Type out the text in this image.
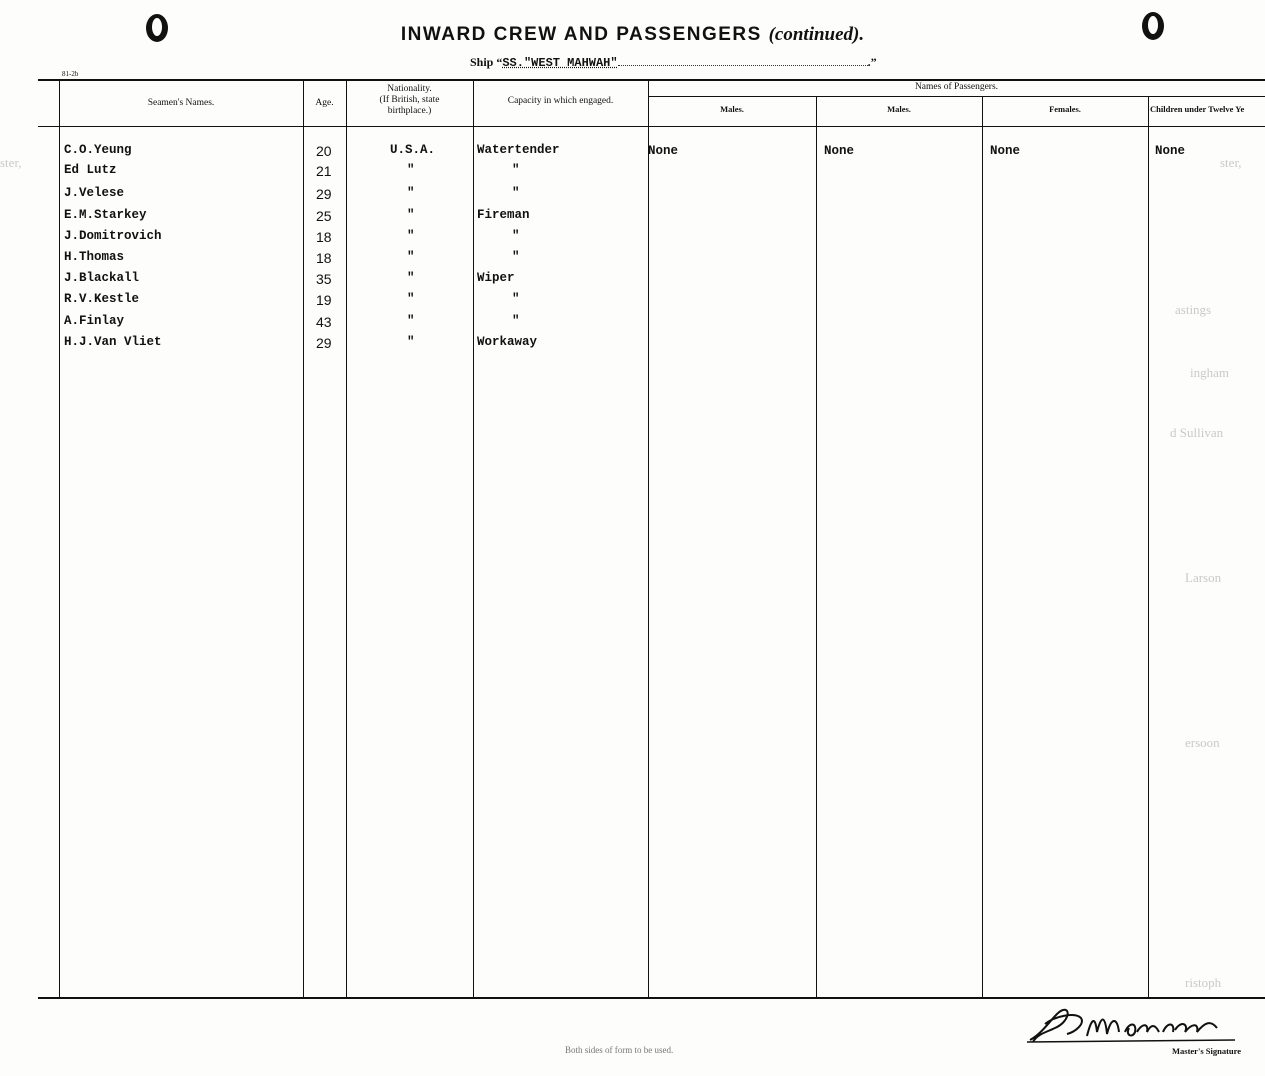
ster,	ster,
astings
ingham
d Sullivan
Larson
ersoon
ristoph
INWARD CREW AND PASSENGERS (continued).
Ship “SS."WEST MAHWAH"	.”
81-2b
Seamen's Names.	Age.
Nationality.
(If British, state
birthplace.)
Capacity in which engaged.
Names of Passengers.
Males.	Males.	Females.	Children under Twelve Ye
None	None	None	None
C.O.Yeung	20	U.S.A.	Watertender
Ed Lutz	21	"	"
J.Velese	29	"	"
E.M.Starkey	25	"	Fireman
J.Domitrovich	18	"	"
H.Thomas	18	"	"
J.Blackall	35	"	Wiper
R.V.Kestle	19	"	"
A.Finlay	43	"	"
H.J.Van Vliet	29	"	Workaway
Both sides of form to be used.	Master's Signature
